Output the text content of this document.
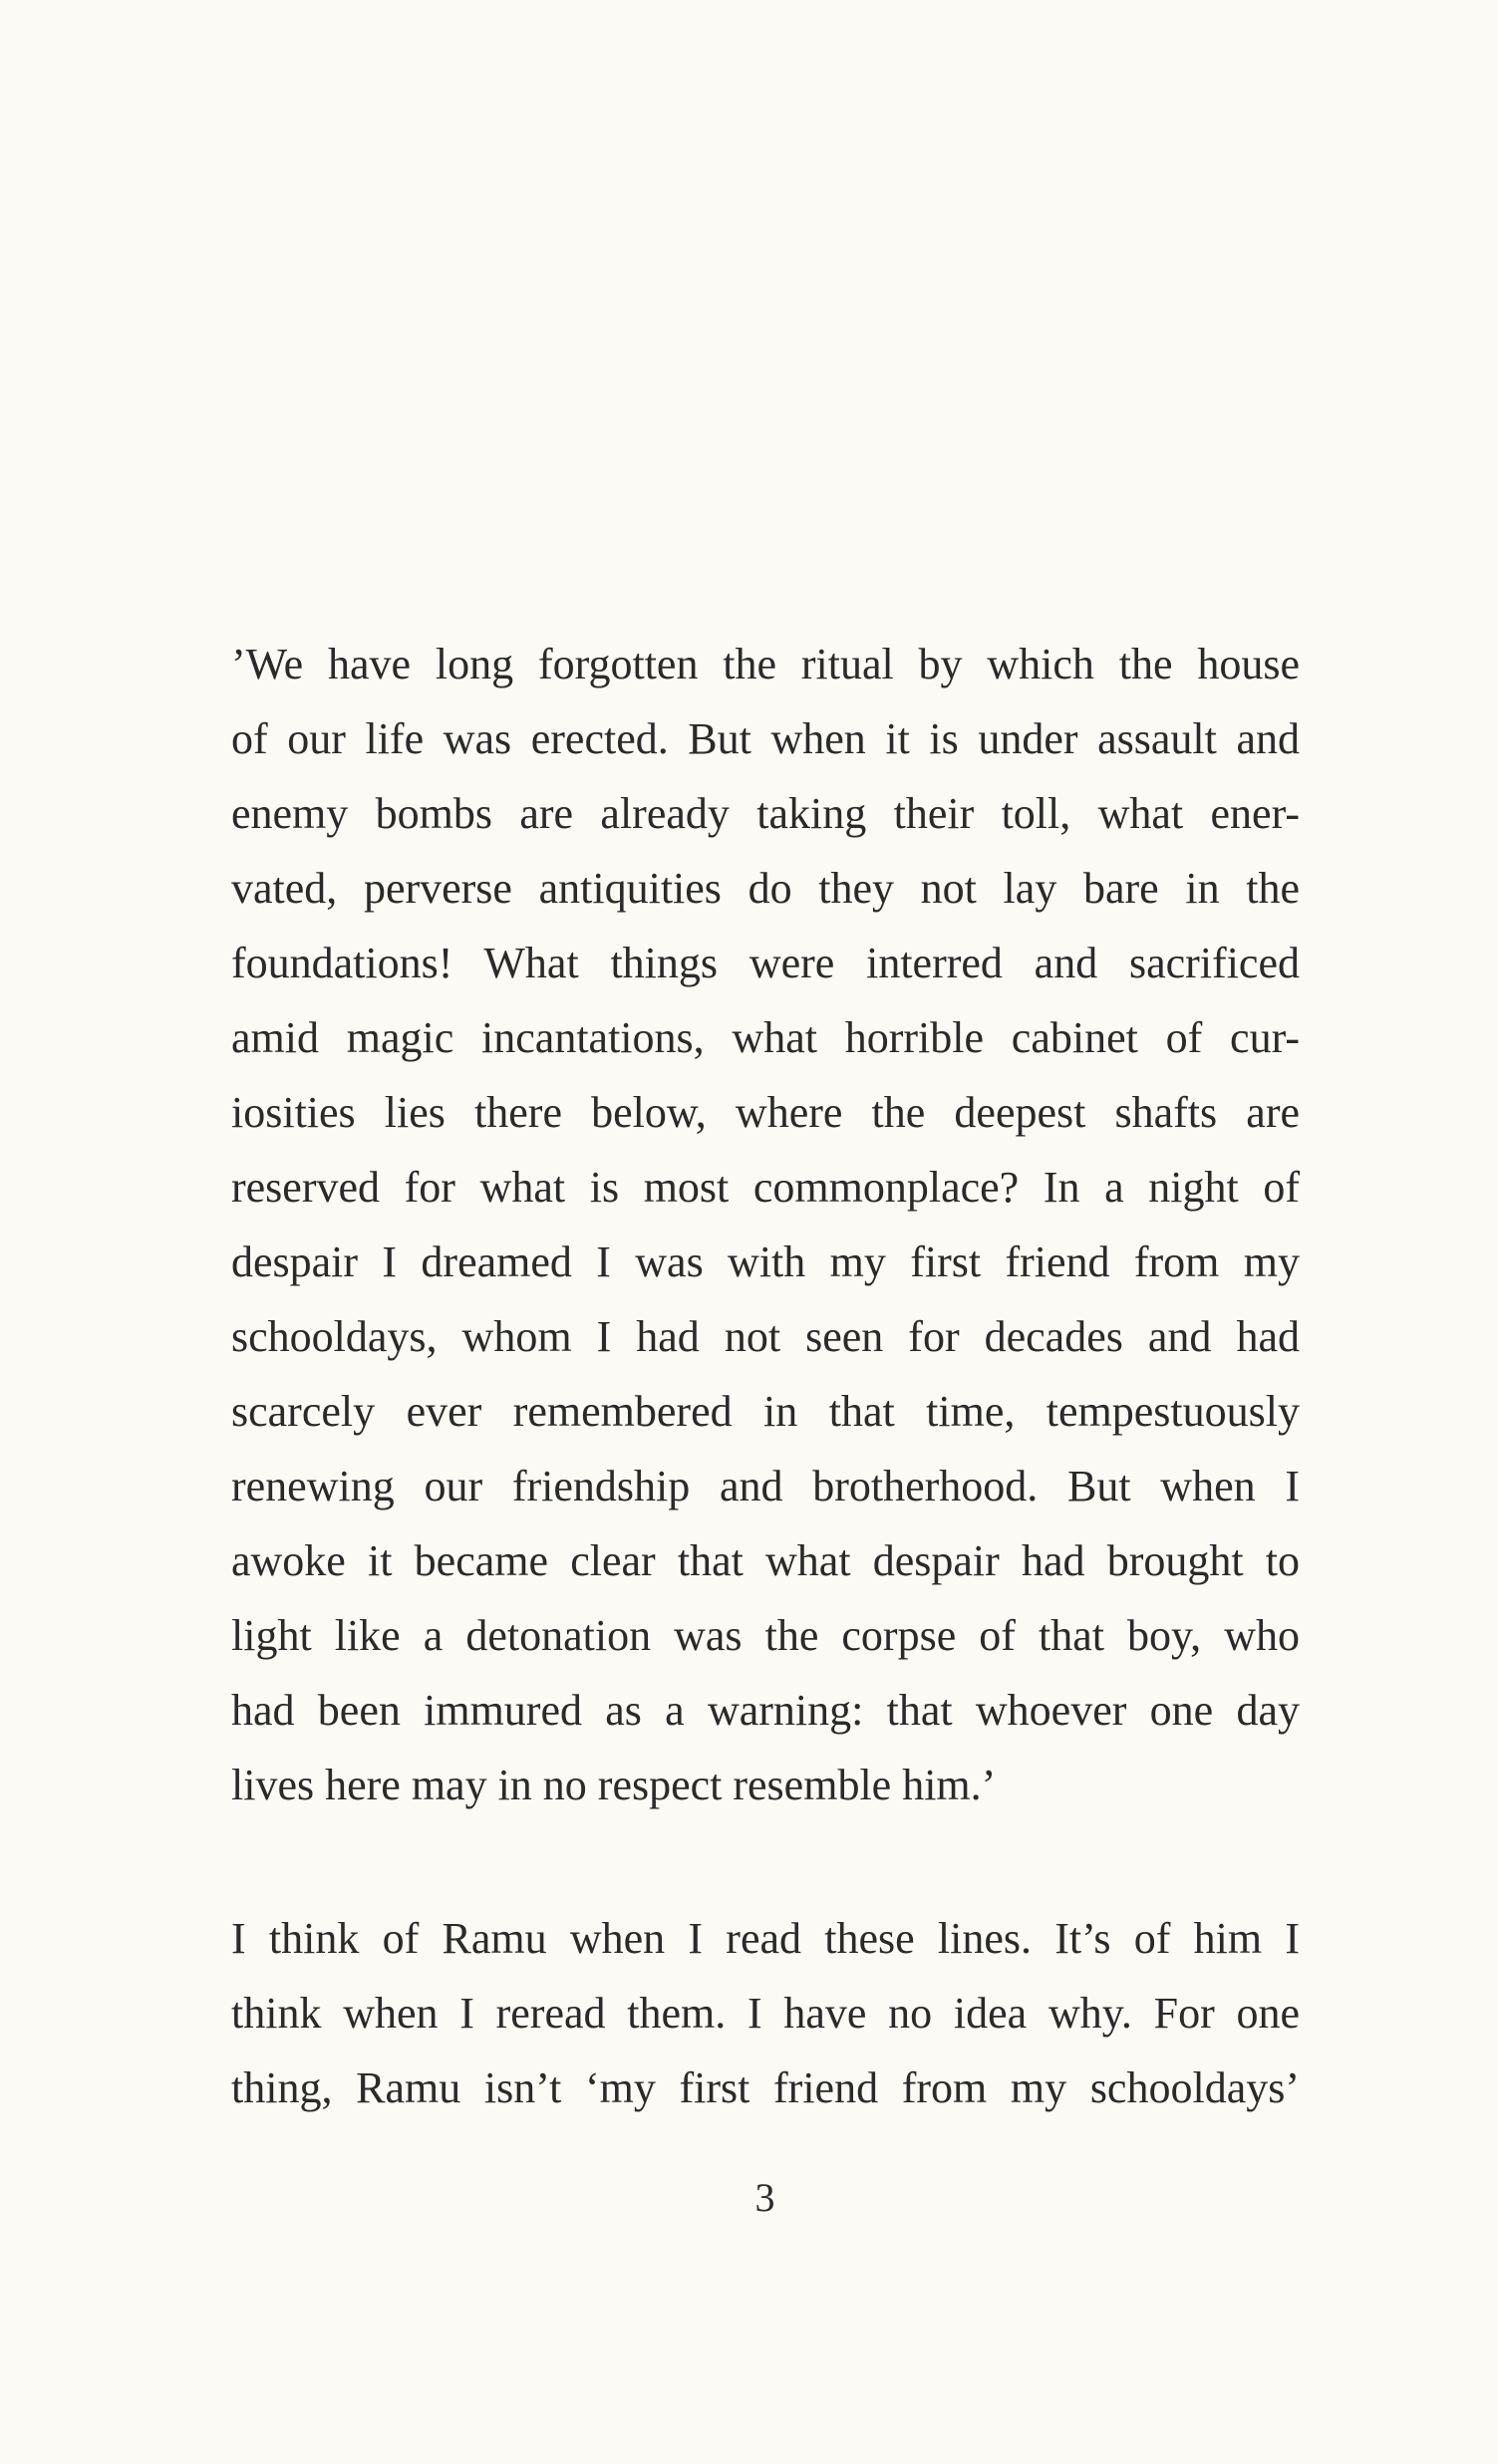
’We have long forgotten the ritual by which the house
of our life was erected. But when it is under assault and
enemy bombs are already taking their toll, what ener-
vated, perverse antiquities do they not lay bare in the
foundations! What things were interred and sacrificed
amid magic incantations, what horrible cabinet of cur-
iosities lies there below, where the deepest shafts are
reserved for what is most commonplace? In a night of
despair I dreamed I was with my first friend from my
schooldays, whom I had not seen for decades and had
scarcely ever remembered in that time, tempestuously
renewing our friendship and brotherhood. But when I
awoke it became clear that what despair had brought to
light like a detonation was the corpse of that boy, who
had been immured as a warning: that whoever one day
lives here may in no respect resemble him.’
I think of Ramu when I read these lines. It’s of him I
think when I reread them. I have no idea why. For one
thing, Ramu isn’t ‘my first friend from my schooldays’
3
